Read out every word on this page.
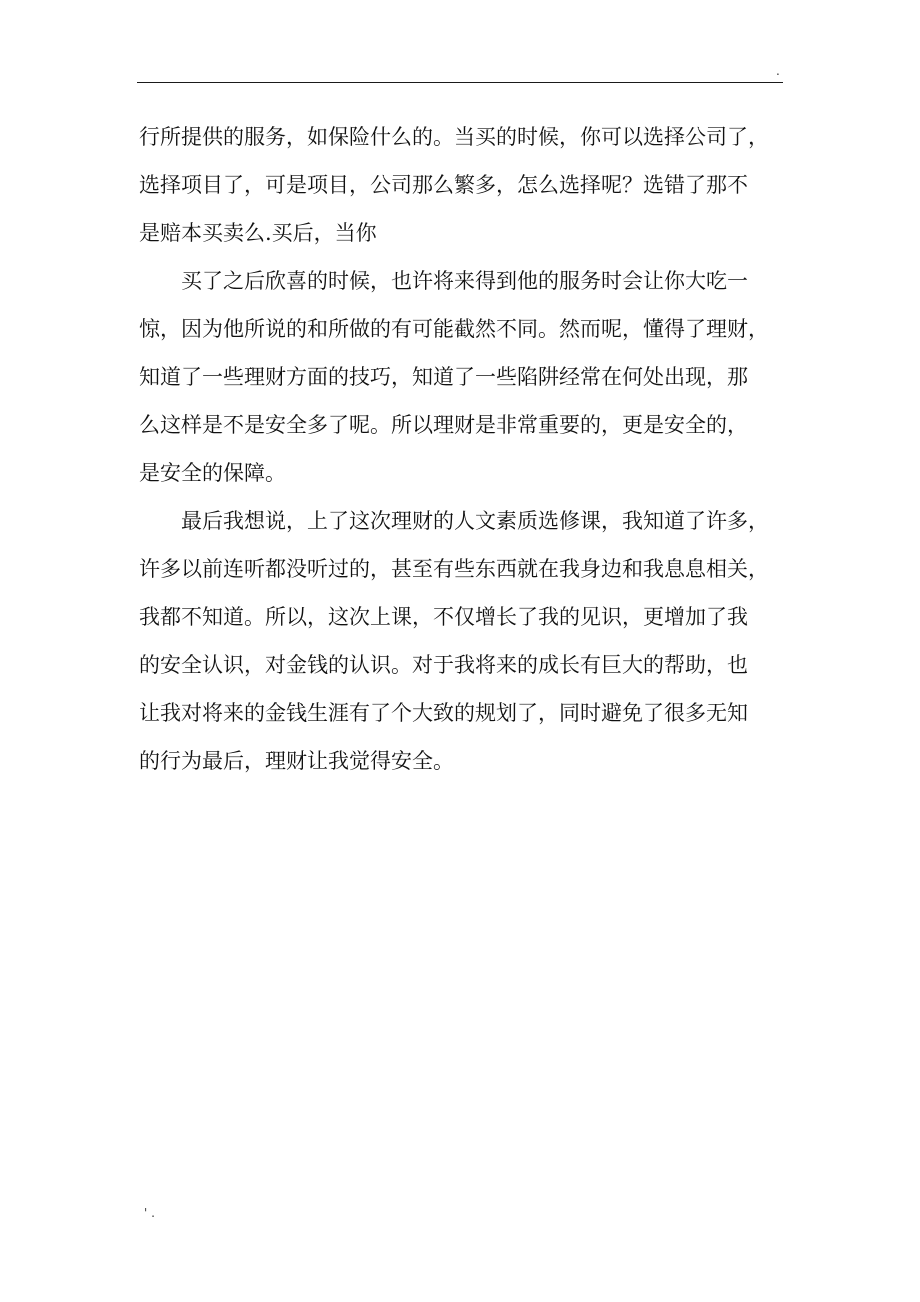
.
行所提供的服务，如保险什么的。当买的时候，你可以选择公司了，
选择项目了，可是项目，公司那么繁多，怎么选择呢？选错了那不
是赔本买卖么.买后，当你
买了之后欣喜的时候，也许将来得到他的服务时会让你大吃一
惊，因为他所说的和所做的有可能截然不同。然而呢，懂得了理财，
知道了一些理财方面的技巧，知道了一些陷阱经常在何处出现，那
么这样是不是安全多了呢。所以理财是非常重要的，更是安全的，
是安全的保障。
最后我想说，上了这次理财的人文素质选修课，我知道了许多，
许多以前连听都没听过的，甚至有些东西就在我身边和我息息相关，
我都不知道。所以，这次上课，不仅增长了我的见识，更增加了我
的安全认识，对金钱的认识。对于我将来的成长有巨大的帮助，也
让我对将来的金钱生涯有了个大致的规划了，同时避免了很多无知
的行为最后，理财让我觉得安全。
' .
